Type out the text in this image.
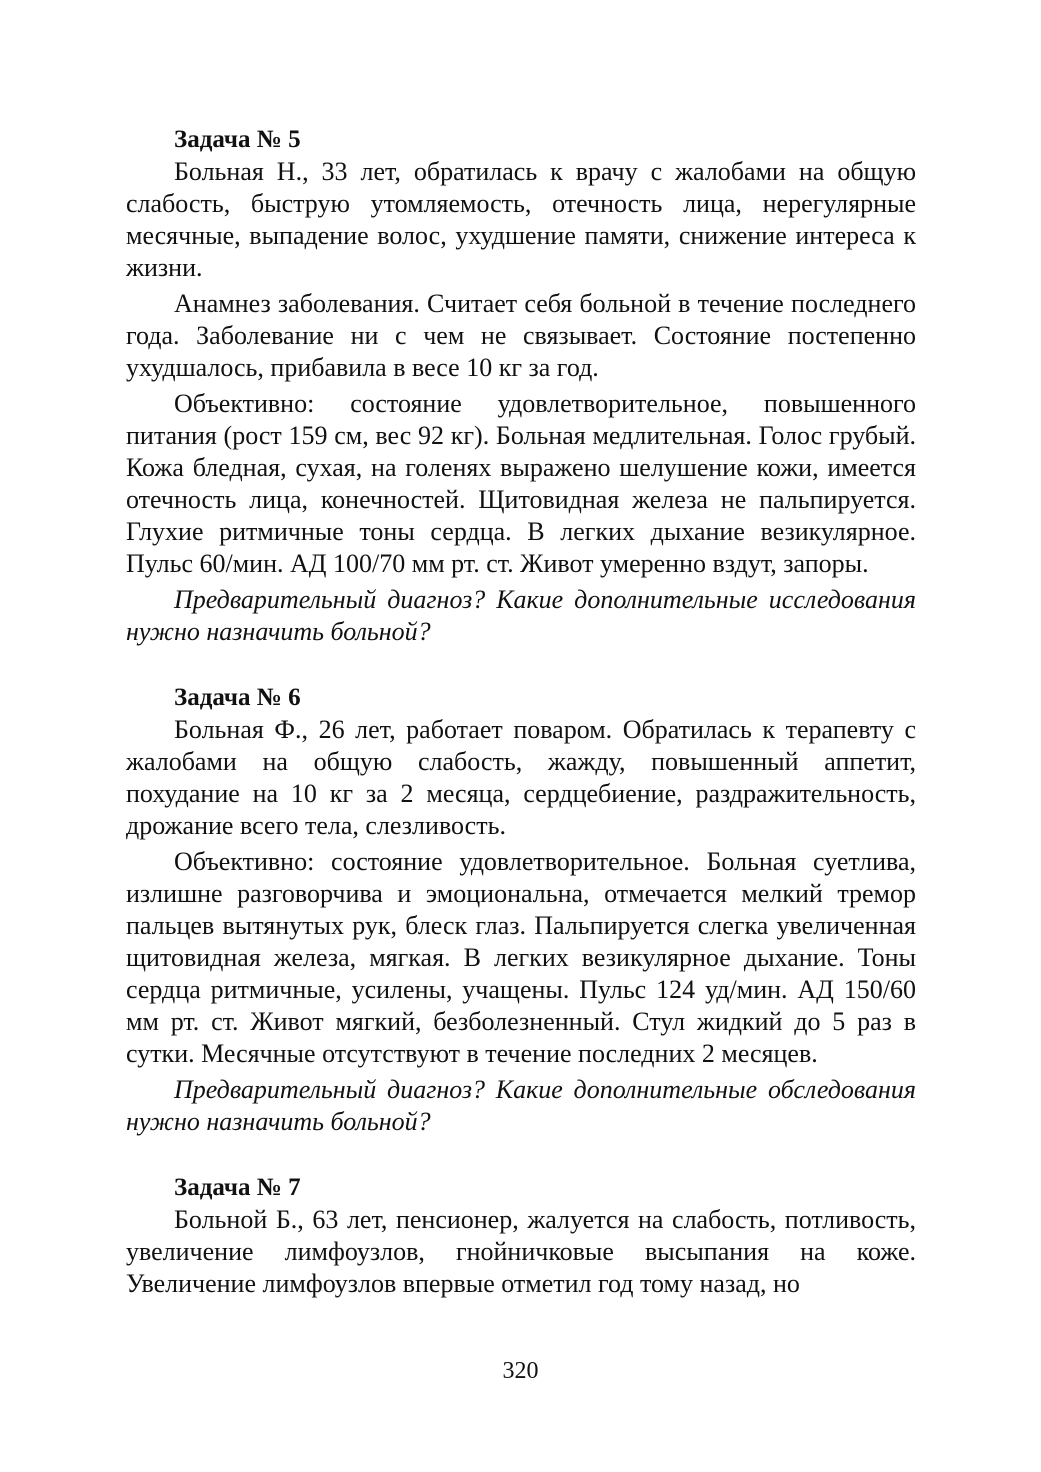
Задача № 5

Больная Н., 33 лет, обратилась к врачу с жалобами на общую слабость, быструю утомляемость, отечность лица, нерегулярные месячные, выпадение волос, ухудшение памяти, снижение интереса к жизни.

Анамнез заболевания. Считает себя больной в течение последнего года. Заболевание ни с чем не связывает. Состояние постепенно ухудшалось, прибавила в весе 10 кг за год.

Объективно: состояние удовлетворительное, повышенного питания (рост 159 см, вес 92 кг). Больная медлительная. Голос грубый. Кожа бледная, сухая, на голенях выражено шелушение кожи, имеется отечность лица, конечностей. Щитовидная железа не пальпируется. Глухие ритмичные тоны сердца. В легких дыхание везикулярное. Пульс 60/мин. АД 100/70 мм рт. ст. Живот умеренно вздут, запоры.

Предварительный диагноз? Какие дополнительные исследования нужно назначить больной?

Задача № 6

Больная Ф., 26 лет, работает поваром. Обратилась к терапевту с жалобами на общую слабость, жажду, повышенный аппетит, похудание на 10 кг за 2 месяца, сердцебиение, раздражительность, дрожание всего тела, слезливость.

Объективно: состояние удовлетворительное. Больная суетлива, излишне разговорчива и эмоциональна, отмечается мелкий тремор пальцев вытянутых рук, блеск глаз. Пальпируется слегка увеличенная щитовидная железа, мягкая. В легких везикулярное дыхание. Тоны сердца ритмичные, усилены, учащены. Пульс 124 уд/мин. АД 150/60 мм рт. ст. Живот мягкий, безболезненный. Стул жидкий до 5 раз в сутки. Месячные отсутствуют в течение последних 2 месяцев.

Предварительный диагноз? Какие дополнительные обследования нужно назначить больной?

Задача № 7

Больной Б., 63 лет, пенсионер, жалуется на слабость, потливость, увеличение лимфоузлов, гнойничковые высыпания на коже. Увеличение лимфоузлов впервые отметил год тому назад, но

320
